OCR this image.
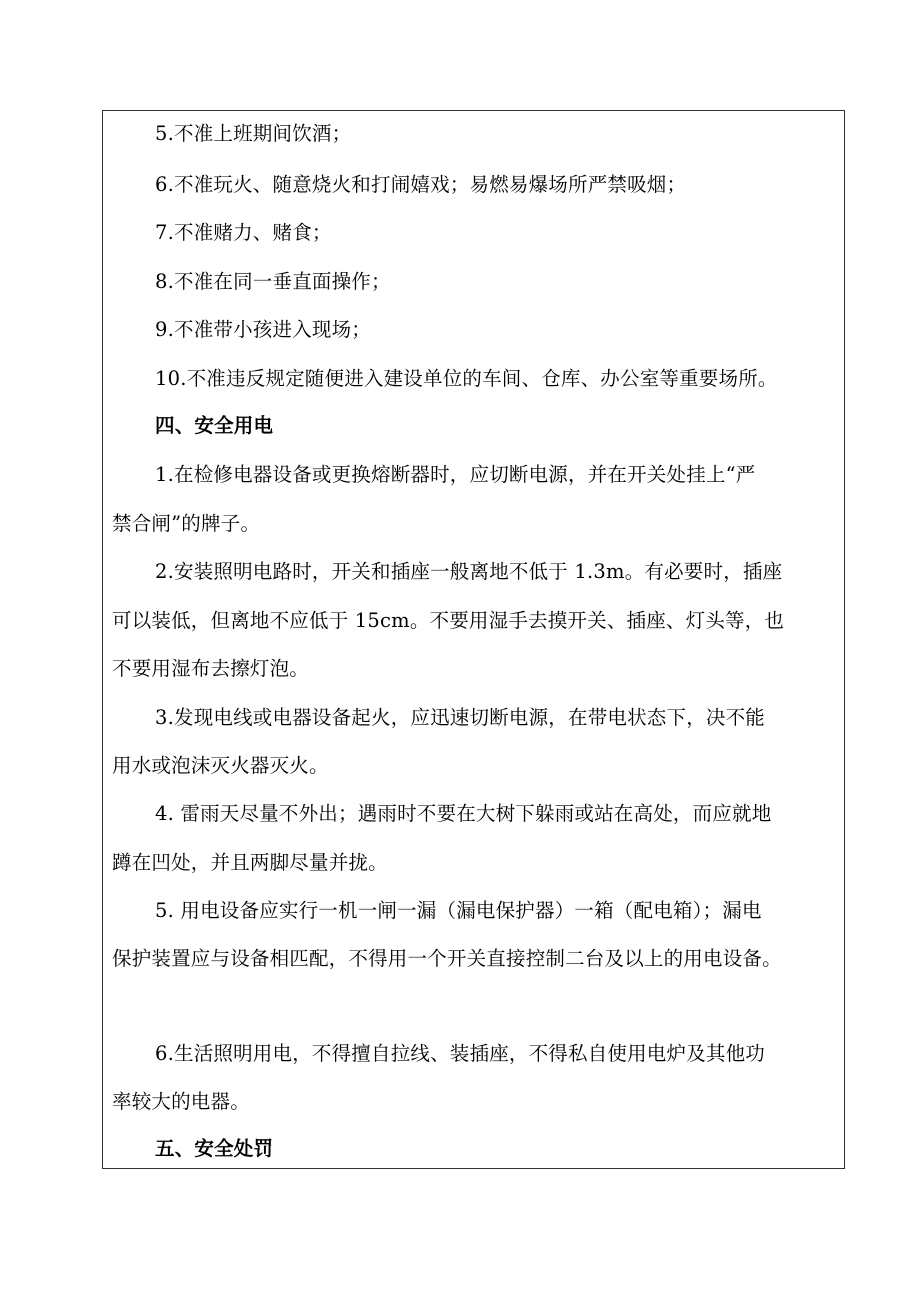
5.不准上班期间饮酒；
6.不准玩火、随意烧火和打闹嬉戏；易燃易爆场所严禁吸烟；
7.不准赌力、赌食；
8.不准在同一垂直面操作；
9.不准带小孩进入现场；
10.不准违反规定随便进入建设单位的车间、仓库、办公室等重要场所。
四、安全用电
1.在检修电器设备或更换熔断器时，应切断电源，并在开关处挂上“严
禁合闸”的牌子。
2.安装照明电路时，开关和插座一般离地不低于 1.3m。有必要时，插座
可以装低，但离地不应低于 15cm。不要用湿手去摸开关、插座、灯头等，也
不要用湿布去擦灯泡。
3.发现电线或电器设备起火，应迅速切断电源，在带电状态下，决不能
用水或泡沫灭火器灭火。
4. 雷雨天尽量不外出；遇雨时不要在大树下躲雨或站在高处，而应就地
蹲在凹处，并且两脚尽量并拢。
5. 用电设备应实行一机一闸一漏（漏电保护器）一箱（配电箱）；漏电
保护装置应与设备相匹配，不得用一个开关直接控制二台及以上的用电设备。
6.生活照明用电，不得擅自拉线、装插座，不得私自使用电炉及其他功
率较大的电器。
五、安全处罚
